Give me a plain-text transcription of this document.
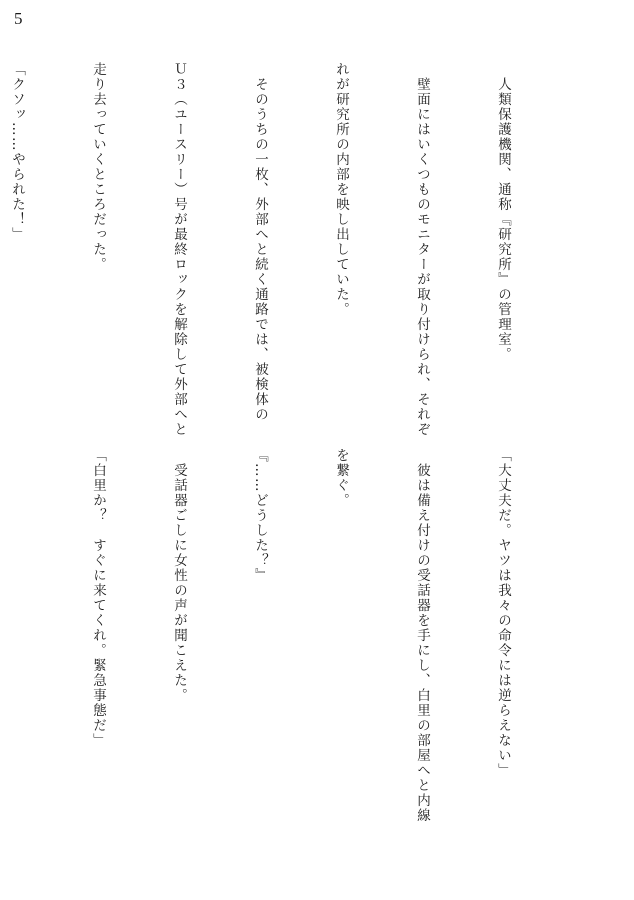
5

　人類保護機関、通称『研究所』の管理室。

　壁面にはいくつものモニターが取り付けられ、それぞ

れが研究所の内部を映し出していた。

　そのうちの一枚、外部へと続く通路では、被検体の

Ｕ３（ユースリー）号が最終ロックを解除して外部へと

走り去っていくところだった。

「クソッ……やられた！」

「大丈夫だ。ヤツは我々の命令には逆らえない」

　彼は備え付けの受話器を手にし、白里の部屋へと内線

を繋ぐ。

『……どうした？』

　受話器ごしに女性の声が聞こえた。

「白里か？　すぐに来てくれ。緊急事態だ」
